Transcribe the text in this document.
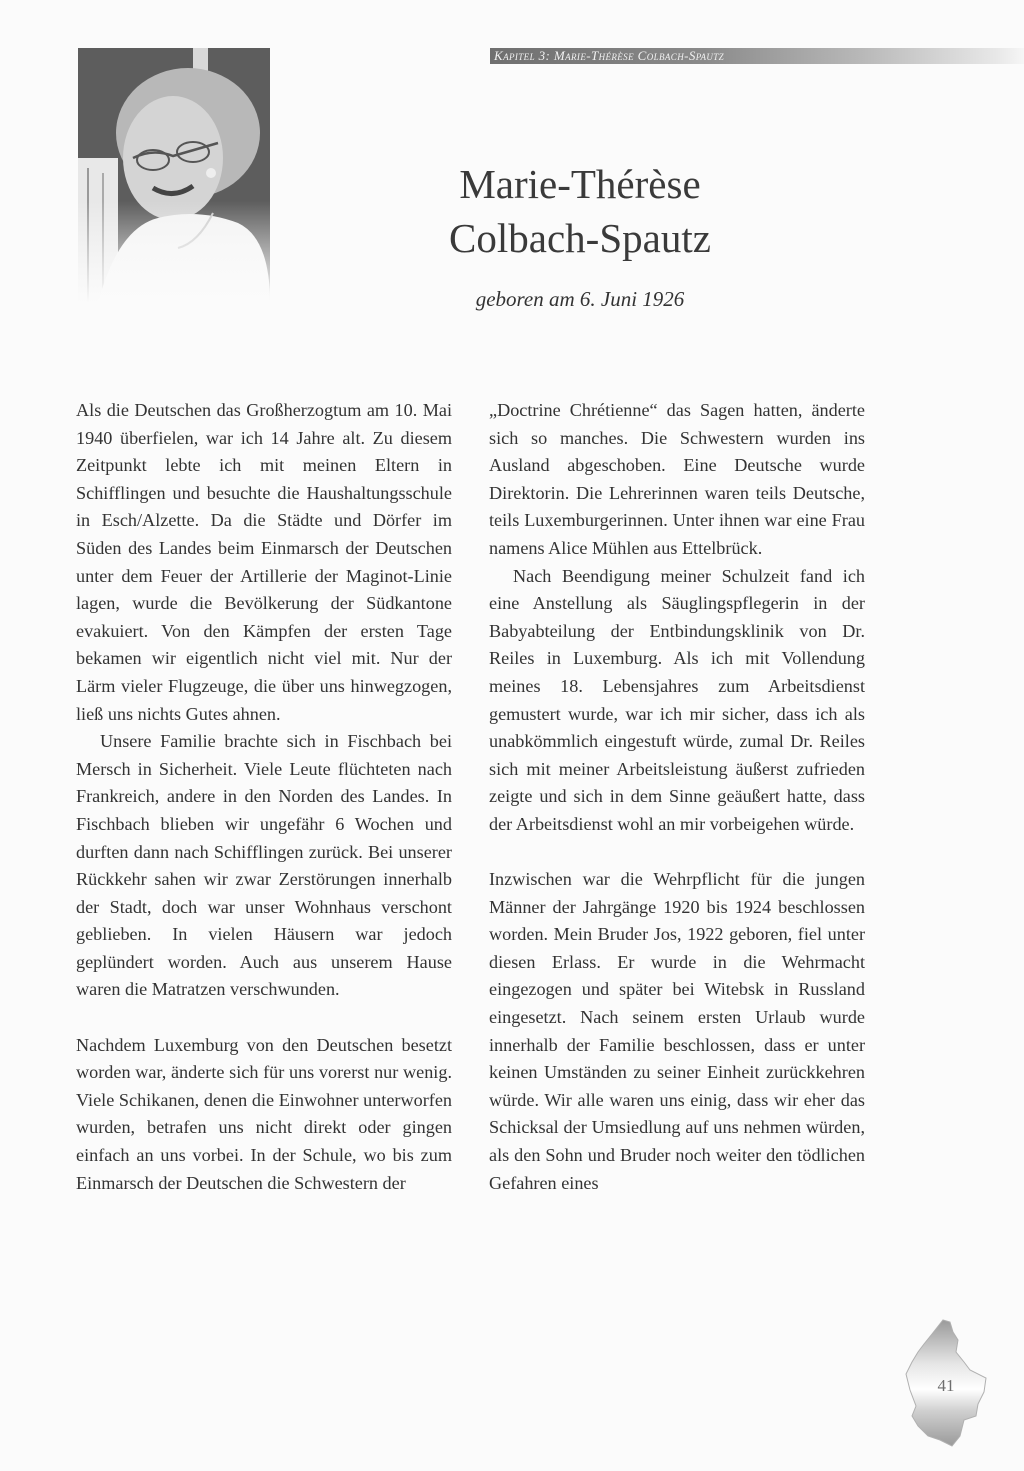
Kapitel 3: Marie-Thérèse Colbach-Spautz
Marie-Thérèse
Colbach-Spautz
geboren am 6. Juni 1926

Als die Deutschen das Großherzogtum am 10. Mai 1940 überfielen, war ich 14 Jahre alt. Zu diesem Zeitpunkt lebte ich mit meinen Eltern in Schifflingen und besuchte die Haushaltungsschule in Esch/Alzette. Da die Städte und Dörfer im Süden des Landes beim Einmarsch der Deutschen unter dem Feuer der Artillerie der Maginot-Linie lagen, wurde die Bevölkerung der Südkantone evakuiert. Von den Kämpfen der ersten Tage bekamen wir eigentlich nicht viel mit. Nur der Lärm vieler Flugzeuge, die über uns hinwegzogen, ließ uns nichts Gutes ahnen.

Unsere Familie brachte sich in Fischbach bei Mersch in Sicherheit. Viele Leute flüchteten nach Frankreich, andere in den Norden des Landes. In Fischbach blieben wir ungefähr 6 Wochen und durften dann nach Schifflingen zurück. Bei unserer Rückkehr sahen wir zwar Zerstörungen innerhalb der Stadt, doch war unser Wohnhaus verschont geblieben. In vielen Häusern war jedoch geplündert worden. Auch aus unserem Hause waren die Matratzen verschwunden.

Nachdem Luxemburg von den Deutschen besetzt worden war, änderte sich für uns vorerst nur wenig. Viele Schikanen, denen die Einwohner unterworfen wurden, betrafen uns nicht direkt oder gingen einfach an uns vorbei. In der Schule, wo bis zum Einmarsch der Deutschen die Schwestern der

„Doctrine Chrétienne“ das Sagen hatten, änderte sich so manches. Die Schwestern wurden ins Ausland abgeschoben. Eine Deutsche wurde Direktorin. Die Lehrerinnen waren teils Deutsche, teils Luxemburgerinnen. Unter ihnen war eine Frau namens Alice Mühlen aus Ettelbrück.

Nach Beendigung meiner Schulzeit fand ich eine Anstellung als Säuglingspflegerin in der Babyabteilung der Entbindungsklinik von Dr. Reiles in Luxemburg. Als ich mit Vollendung meines 18. Lebensjahres zum Arbeitsdienst gemustert wurde, war ich mir sicher, dass ich als unabkömmlich eingestuft würde, zumal Dr. Reiles sich mit meiner Arbeitsleistung äußerst zufrieden zeigte und sich in dem Sinne geäußert hatte, dass der Arbeitsdienst wohl an mir vorbeigehen würde.

Inzwischen war die Wehrpflicht für die jungen Männer der Jahrgänge 1920 bis 1924 beschlossen worden. Mein Bruder Jos, 1922 geboren, fiel unter diesen Erlass. Er wurde in die Wehrmacht eingezogen und später bei Witebsk in Russland eingesetzt. Nach seinem ersten Urlaub wurde innerhalb der Familie beschlossen, dass er unter keinen Umständen zu seiner Einheit zurückkehren würde. Wir alle waren uns einig, dass wir eher das Schicksal der Umsiedlung auf uns nehmen würden, als den Sohn und Bruder noch weiter den tödlichen Gefahren eines

41
